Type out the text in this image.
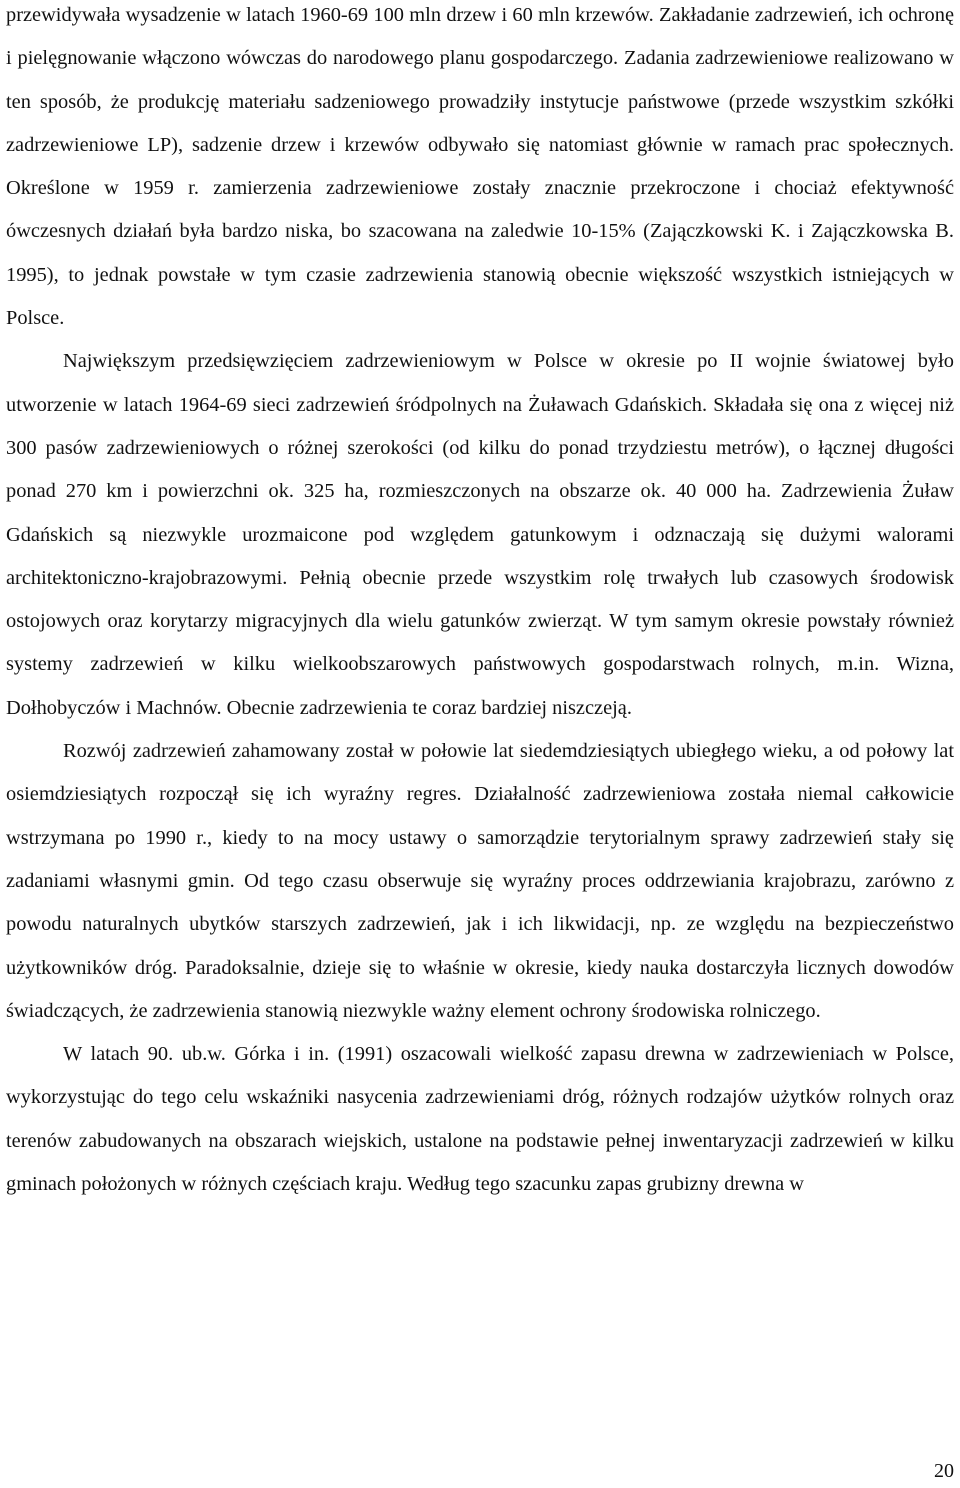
przewidywała wysadzenie w latach 1960-69 100 mln drzew i 60 mln krzewów. Zakładanie zadrzewień, ich ochronę i pielęgnowanie włączono wówczas do narodowego planu gospodarczego. Zadania zadrzewieniowe realizowano w ten sposób, że produkcję materiału sadzeniowego prowadziły instytucje państwowe (przede wszystkim szkółki zadrzewieniowe LP), sadzenie drzew i krzewów odbywało się natomiast głównie w ramach prac społecznych. Określone w 1959 r. zamierzenia zadrzewieniowe zostały znacznie przekroczone i chociaż efektywność ówczesnych działań była bardzo niska, bo szacowana na zaledwie 10-15% (Zajączkowski K. i Zajączkowska B. 1995), to jednak powstałe w tym czasie zadrzewienia stanowią obecnie większość wszystkich istniejących w Polsce.

Największym przedsięwzięciem zadrzewieniowym w Polsce w okresie po II wojnie światowej było utworzenie w latach 1964-69 sieci zadrzewień śródpolnych na Żuławach Gdańskich. Składała się ona z więcej niż 300 pasów zadrzewieniowych o różnej szerokości (od kilku do ponad trzydziestu metrów), o łącznej długości ponad 270 km i powierzchni ok. 325 ha, rozmieszczonych na obszarze ok. 40 000 ha. Zadrzewienia Żuław Gdańskich są niezwykle urozmaicone pod względem gatunkowym i odznaczają się dużymi walorami architektoniczno-krajobrazowymi. Pełnią obecnie przede wszystkim rolę trwałych lub czasowych środowisk ostojowych oraz korytarzy migracyjnych dla wielu gatunków zwierząt. W tym samym okresie powstały również systemy zadrzewień w kilku wielkoobszarowych państwowych gospodarstwach rolnych, m.in. Wizna, Dołhobyczów i Machnów. Obecnie zadrzewienia te coraz bardziej niszczeją.

Rozwój zadrzewień zahamowany został w połowie lat siedemdziesiątych ubiegłego wieku, a od połowy lat osiemdziesiątych rozpoczął się ich wyraźny regres. Działalność zadrzewieniowa została niemal całkowicie wstrzymana po 1990 r., kiedy to na mocy ustawy o samorządzie terytorialnym sprawy zadrzewień stały się zadaniami własnymi gmin. Od tego czasu obserwuje się wyraźny proces oddrzewiania krajobrazu, zarówno z powodu naturalnych ubytków starszych zadrzewień, jak i ich likwidacji, np. ze względu na bezpieczeństwo użytkowników dróg. Paradoksalnie, dzieje się to właśnie w okresie, kiedy nauka dostarczyła licznych dowodów świadczących, że zadrzewienia stanowią niezwykle ważny element ochrony środowiska rolniczego.

W latach 90. ub.w. Górka i in. (1991) oszacowali wielkość zapasu drewna w zadrzewieniach w Polsce, wykorzystując do tego celu wskaźniki nasycenia zadrzewieniami dróg, różnych rodzajów użytków rolnych oraz terenów zabudowanych na obszarach wiejskich, ustalone na podstawie pełnej inwentaryzacji zadrzewień w kilku gminach położonych w różnych częściach kraju. Według tego szacunku zapas grubizny drewna w

20
